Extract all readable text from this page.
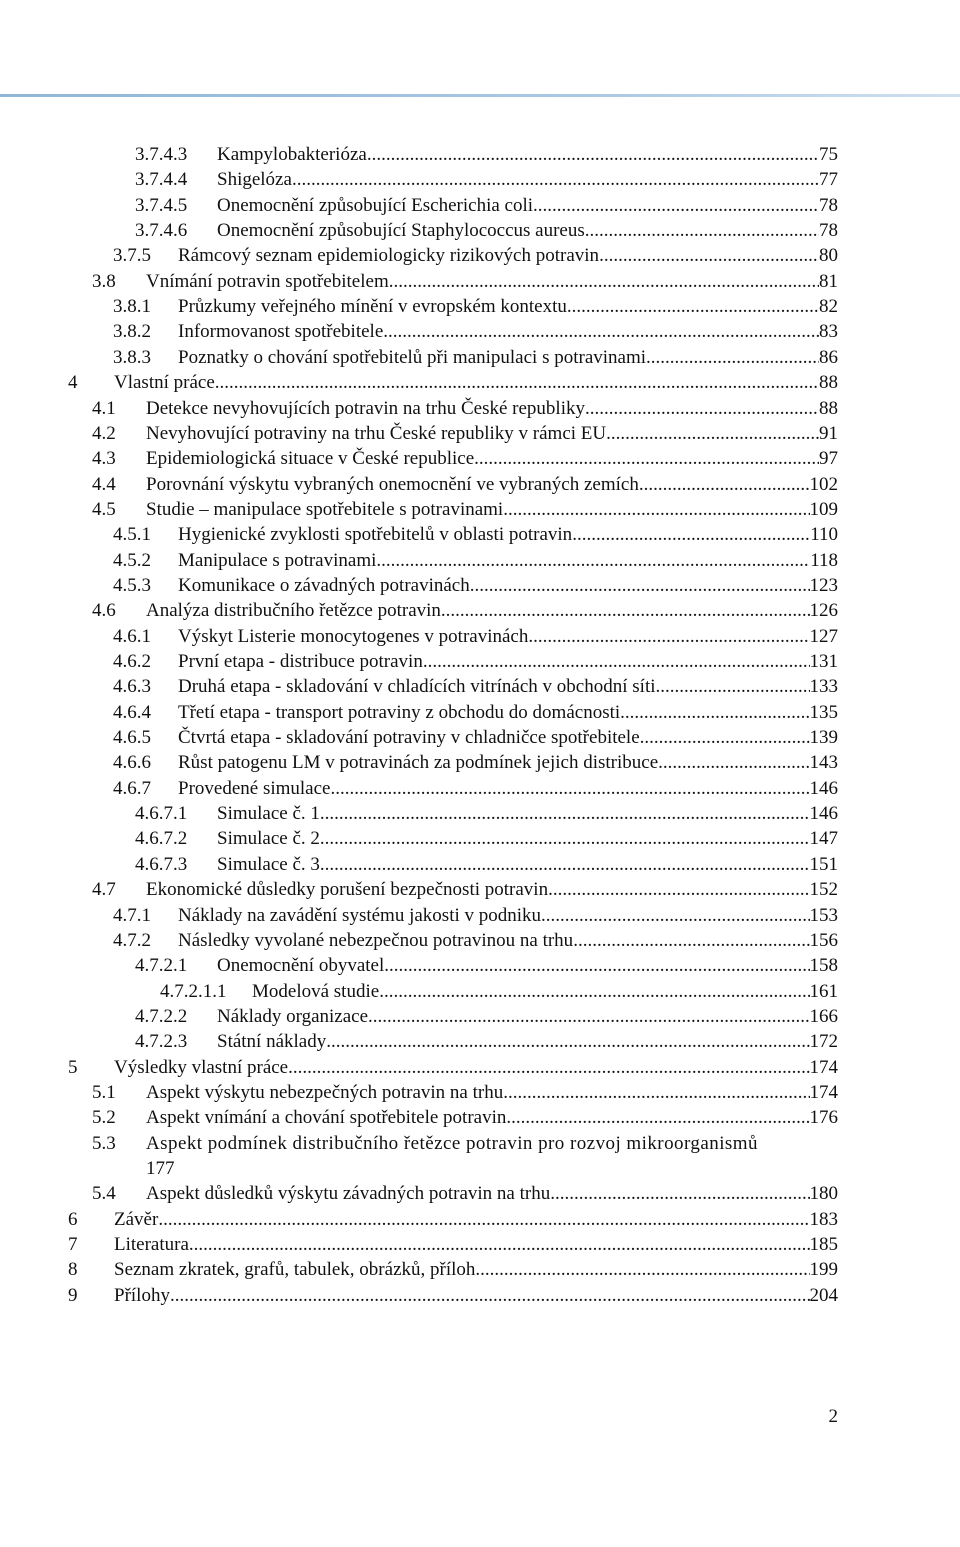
3.7.4.3	Kampylobakterióza .....	75
3.7.4.4	Shigelóza .....	77
3.7.4.5	Onemocnění způsobující Escherichia coli .....	78
3.7.4.6	Onemocnění způsobující Staphylococcus aureus .....	78
3.7.5	Rámcový seznam epidemiologicky rizikových potravin .....	80
3.8	Vnímání potravin spotřebitelem .....	81
3.8.1	Průzkumy veřejného mínění v evropském kontextu .....	82
3.8.2	Informovanost spotřebitele .....	83
3.8.3	Poznatky o chování spotřebitelů při manipulaci s potravinami .....	86
4	Vlastní práce .....	88
4.1	Detekce nevyhovujících potravin na trhu České republiky .....	88
4.2	Nevyhovující potraviny na trhu České republiky v rámci EU .....	91
4.3	Epidemiologická situace v České republice .....	97
4.4	Porovnání výskytu vybraných onemocnění ve vybraných zemích .....	102
4.5	Studie – manipulace spotřebitele s potravinami .....	109
4.5.1	Hygienické zvyklosti spotřebitelů v oblasti potravin .....	110
4.5.2	Manipulace s potravinami .....	118
4.5.3	Komunikace o závadných potravinách .....	123
4.6	Analýza distribučního řetězce potravin .....	126
4.6.1	Výskyt Listerie monocytogenes v potravinách .....	127
4.6.2	První etapa - distribuce potravin .....	131
4.6.3	Druhá etapa - skladování v chladících vitrínách v obchodní síti .....	133
4.6.4	Třetí etapa - transport potraviny z obchodu do domácnosti .....	135
4.6.5	Čtvrtá etapa - skladování potraviny v chladničce spotřebitele .....	139
4.6.6	Růst patogenu LM v potravinách za podmínek jejich distribuce .....	143
4.6.7	Provedené simulace .....	146
4.6.7.1	Simulace č. 1 .....	146
4.6.7.2	Simulace č. 2 .....	147
4.6.7.3	Simulace č. 3 .....	151
4.7	Ekonomické důsledky porušení bezpečnosti potravin .....	152
4.7.1	Náklady na zavádění systému jakosti v podniku .....	153
4.7.2	Následky vyvolané nebezpečnou potravinou na trhu .....	156
4.7.2.1	Onemocnění obyvatel .....	158
4.7.2.1.1	Modelová studie .....	161
4.7.2.2	Náklady organizace .....	166
4.7.2.3	Státní náklady .....	172
5	Výsledky vlastní práce .....	174
5.1	Aspekt výskytu nebezpečných potravin na trhu .....	174
5.2	Aspekt vnímání a chování spotřebitele potravin .....	176
5.3	Aspekt podmínek distribučního řetězce potravin pro rozvoj mikroorganismů
177
5.4	Aspekt důsledků výskytu závadných potravin na trhu .....	180
6	Závěr .....	183
7	Literatura .....	185
8	Seznam zkratek, grafů, tabulek, obrázků, příloh .....	199
9	Přílohy .....	204
2
